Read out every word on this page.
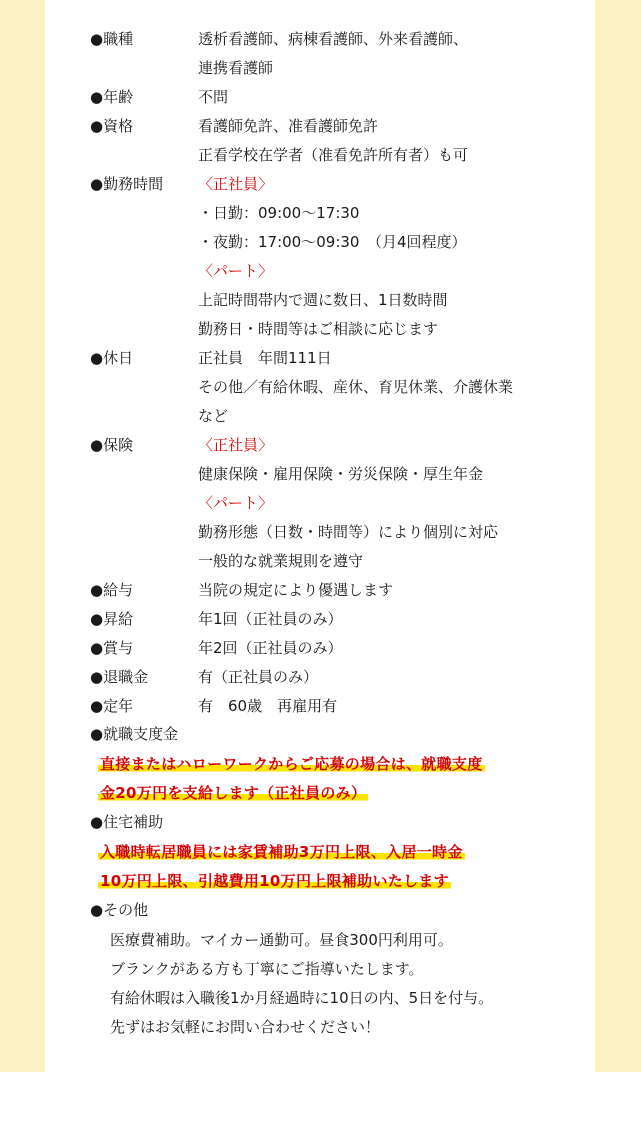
●職種	透析看護師、病棟看護師、外来看護師、
連携看護師
●年齢	不問
●資格	看護師免許、准看護師免許
正看学校在学者（准看免許所有者）も可
●勤務時間 〈正社員〉
・日勤：09:00～17:30
・夜勤：17:00～09:30　（月4回程度）
〈パート〉
上記時間帯内で週に数日、1日数時間
勤務日・時間等はご相談に応じます
●休日	正社員　年間111日
その他／有給休暇、産休、育児休業、介護休業
など
●保険	〈正社員〉
健康保険・雇用保険・労災保険・厚生年金
〈パート〉
勤務形態（日数・時間等）により個別に対応
一般的な就業規則を遵守
●給与	当院の規定により優遇します
●昇給	年1回（正社員のみ）
●賞与	年2回（正社員のみ）
●退職金	有（正社員のみ）
●定年	有　60歳　再雇用有
●就職支度金
直接またはハローワークからご応募の場合は、就職支度
金20万円を支給します（正社員のみ）
●住宅補助
入職時転居職員には家賃補助3万円上限、入居一時金
10万円上限、引越費用10万円上限補助いたします
●その他
医療費補助。マイカー通勤可。昼食300円利用可。
ブランクがある方も丁寧にご指導いたします。
有給休暇は入職後1か月経過時に10日の内、5日を付与。
先ずはお気軽にお問い合わせください！
